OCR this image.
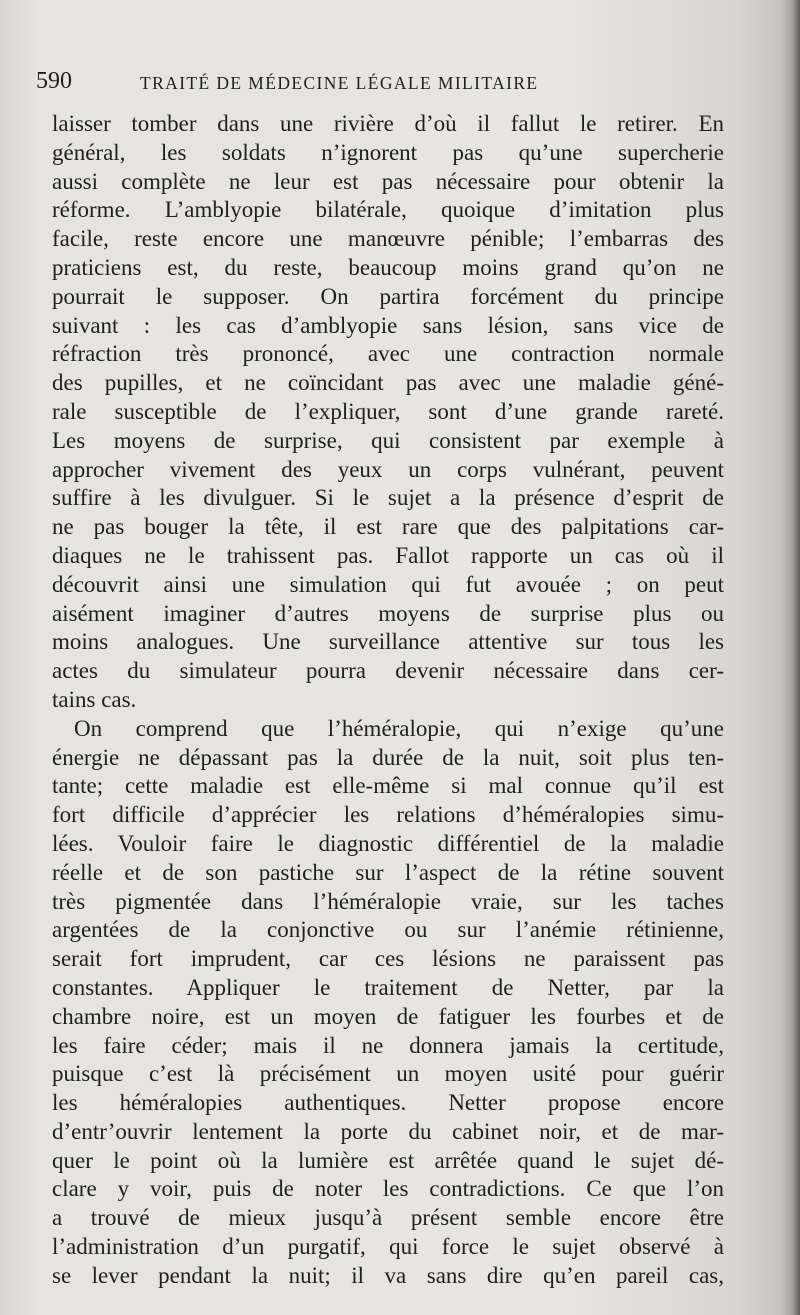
590	TRAITÉ DE MÉDECINE LÉGALE MILITAIRE
laisser tomber dans une rivière d’où il fallut le retirer. En
général, les soldats n’ignorent pas qu’une supercherie
aussi complète ne leur est pas nécessaire pour obtenir la
réforme. L’amblyopie bilatérale, quoique d’imitation plus
facile, reste encore une manœuvre pénible; l’embarras des
praticiens est, du reste, beaucoup moins grand qu’on ne
pourrait le supposer. On partira forcément du principe
suivant : les cas d’amblyopie sans lésion, sans vice de
réfraction très prononcé, avec une contraction normale
des pupilles, et ne coïncidant pas avec une maladie géné-
rale susceptible de l’expliquer, sont d’une grande rareté.
Les moyens de surprise, qui consistent par exemple à
approcher vivement des yeux un corps vulnérant, peuvent
suffire à les divulguer. Si le sujet a la présence d’esprit de
ne pas bouger la tête, il est rare que des palpitations car-
diaques ne le trahissent pas. Fallot rapporte un cas où il
découvrit ainsi une simulation qui fut avouée ; on peut
aisément imaginer d’autres moyens de surprise plus ou
moins analogues. Une surveillance attentive sur tous les
actes du simulateur pourra devenir nécessaire dans cer-
tains cas.
On comprend que l’héméralopie, qui n’exige qu’une
énergie ne dépassant pas la durée de la nuit, soit plus ten-
tante; cette maladie est elle-même si mal connue qu’il est
fort difficile d’apprécier les relations d’héméralopies simu-
lées. Vouloir faire le diagnostic différentiel de la maladie
réelle et de son pastiche sur l’aspect de la rétine souvent
très pigmentée dans l’héméralopie vraie, sur les taches
argentées de la conjonctive ou sur l’anémie rétinienne,
serait fort imprudent, car ces lésions ne paraissent pas
constantes. Appliquer le traitement de Netter, par la
chambre noire, est un moyen de fatiguer les fourbes et de
les faire céder; mais il ne donnera jamais la certitude,
puisque c’est là précisément un moyen usité pour guérir
les héméralopies authentiques. Netter propose encore
d’entr’ouvrir lentement la porte du cabinet noir, et de mar-
quer le point où la lumière est arrêtée quand le sujet dé-
clare y voir, puis de noter les contradictions. Ce que l’on
a trouvé de mieux jusqu’à présent semble encore être
l’administration d’un purgatif, qui force le sujet observé à
se lever pendant la nuit; il va sans dire qu’en pareil cas,
